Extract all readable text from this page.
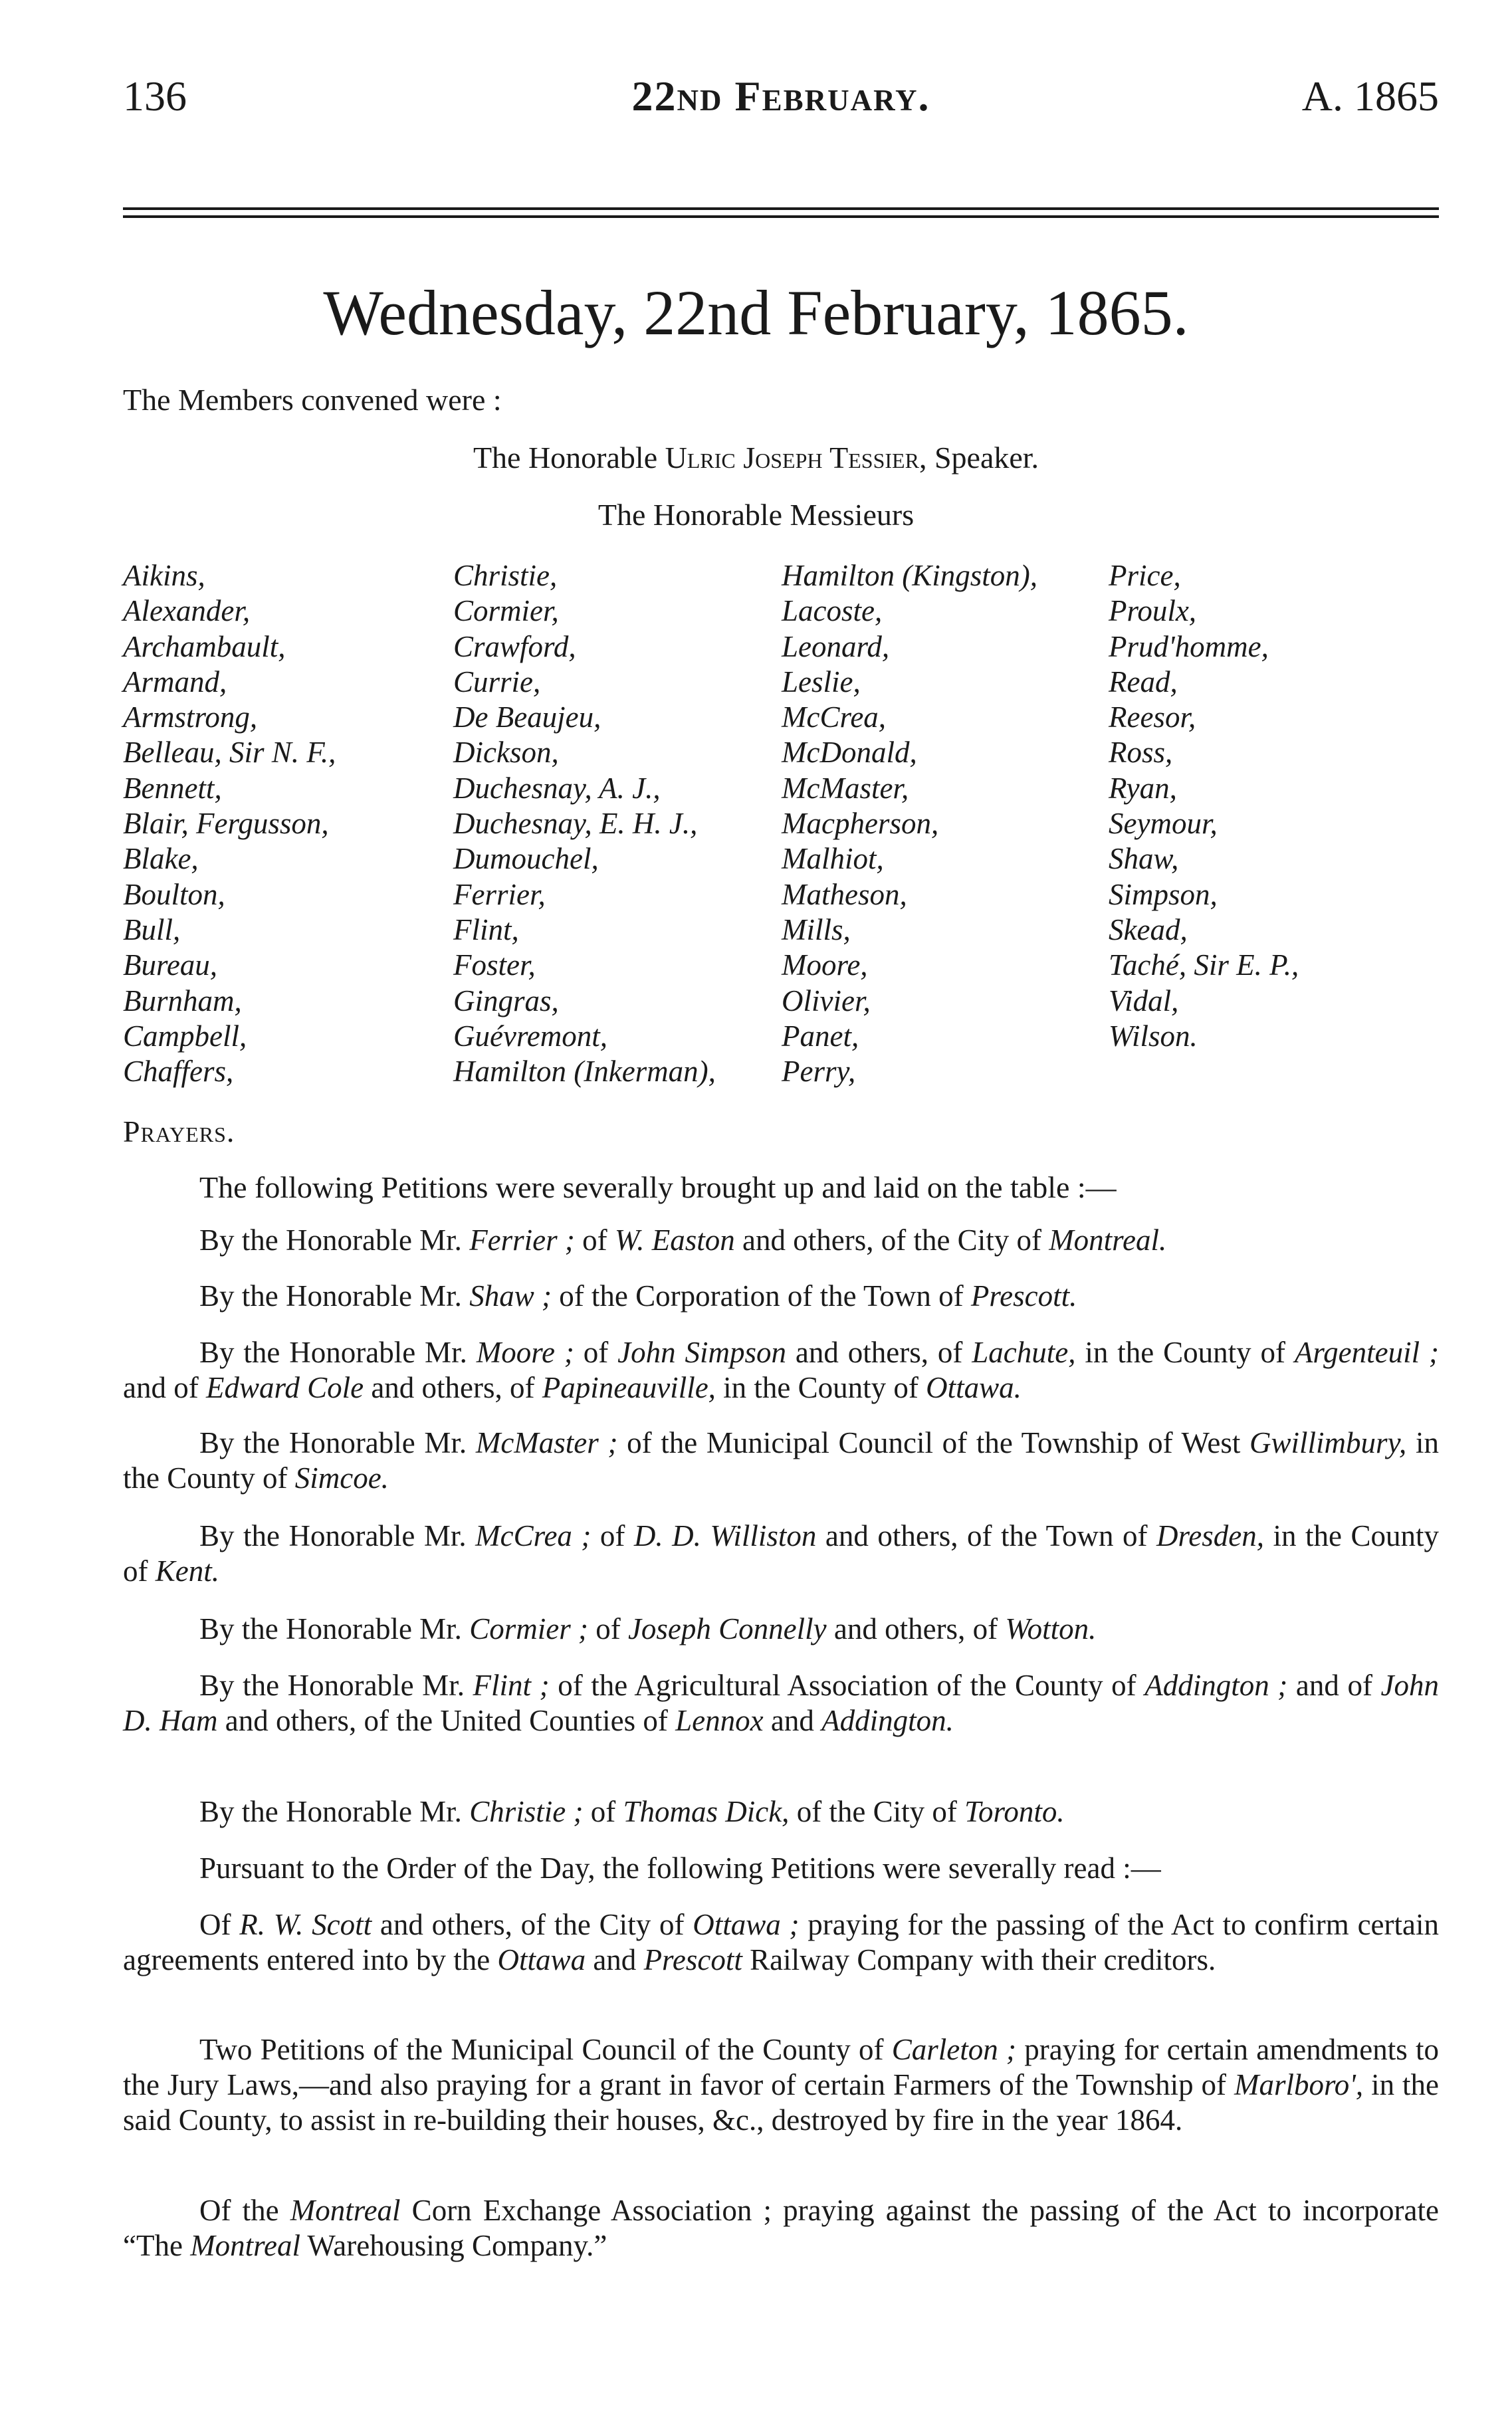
136	22nd February.	A. 1865
Wednesday, 22nd February, 1865.
The Members convened were :
The Honorable Ulric Joseph Tessier, Speaker.
The Honorable Messieurs
Aikins,
Alexander,
Archambault,
Armand,
Armstrong,
Belleau, Sir N. F.,
Bennett,
Blair, Fergusson,
Blake,
Boulton,
Bull,
Bureau,
Burnham,
Campbell,
Chaffers,
Christie,
Cormier,
Crawford,
Currie,
De Beaujeu,
Dickson,
Duchesnay, A. J.,
Duchesnay, E. H. J.,
Dumouchel,
Ferrier,
Flint,
Foster,
Gingras,
Guévremont,
Hamilton (Inkerman),
Hamilton (Kingston),
Lacoste,
Leonard,
Leslie,
McCrea,
McDonald,
McMaster,
Macpherson,
Malhiot,
Matheson,
Mills,
Moore,
Olivier,
Panet,
Perry,
Price,
Proulx,
Prud'homme,
Read,
Reesor,
Ross,
Ryan,
Seymour,
Shaw,
Simpson,
Skead,
Taché, Sir E. P.,
Vidal,
Wilson.
Prayers.
The following Petitions were severally brought up and laid on the table :—
By the Honorable Mr. Ferrier ; of W. Easton and others, of the City of Montreal.
By the Honorable Mr. Shaw ; of the Corporation of the Town of Prescott.
By the Honorable Mr. Moore ; of John Simpson and others, of Lachute, in the County of Argenteuil ; and of Edward Cole and others, of Papineauville, in the County of Ottawa.
By the Honorable Mr. McMaster ; of the Municipal Council of the Township of West Gwillimbury, in the County of Simcoe.
By the Honorable Mr. McCrea ; of D. D. Williston and others, of the Town of Dresden, in the County of Kent.
By the Honorable Mr. Cormier ; of Joseph Connelly and others, of Wotton.
By the Honorable Mr. Flint ; of the Agricultural Association of the County of Addington ; and of John D. Ham and others, of the United Counties of Lennox and Addington.
By the Honorable Mr. Christie ; of Thomas Dick, of the City of Toronto.
Pursuant to the Order of the Day, the following Petitions were severally read :—
Of R. W. Scott and others, of the City of Ottawa ; praying for the passing of the Act to confirm certain agreements entered into by the Ottawa and Prescott Railway Company with their creditors.
Two Petitions of the Municipal Council of the County of Carleton ; praying for certain amendments to the Jury Laws,—and also praying for a grant in favor of certain Farmers of the Township of Marlboro', in the said County, to assist in re-building their houses, &c., destroyed by fire in the year 1864.
Of the Montreal Corn Exchange Association ; praying against the passing of the Act to incorporate “The Montreal Warehousing Company.”
